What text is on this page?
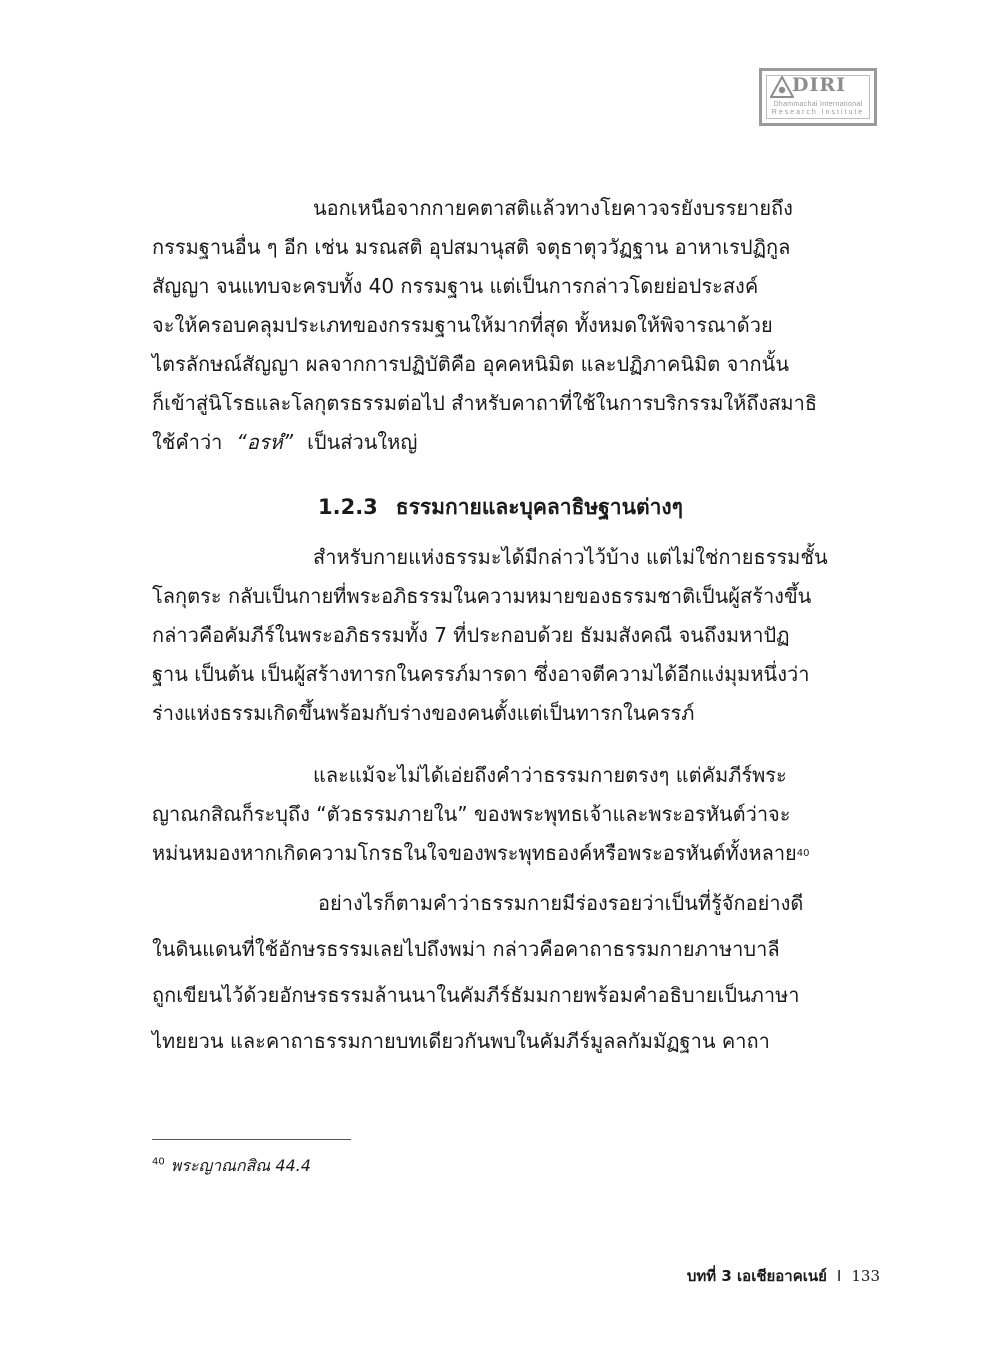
DIRI
Dhammachai International
Research Institute
นอกเหนือจากกายคตาสติแล้วทางโยคาวจรยังบรรยายถึง
กรรมฐานอื่น ๆ อีก เช่น มรณสติ อุปสมานุสติ จตุธาตุววัฏฐาน อาหาเรปฏิกูล
สัญญา จนแทบจะครบทั้ง 40 กรรมฐาน แต่เป็นการกล่าวโดยย่อประสงค์
จะให้ครอบคลุมประเภทของกรรมฐานให้มากที่สุด ทั้งหมดให้พิจารณาด้วย
ไตรลักษณ์สัญญา ผลจากการปฏิบัติคือ อุคคหนิมิต และปฏิภาคนิมิต จากนั้น
ก็เข้าสู่นิโรธและโลกุตรธรรมต่อไป สำหรับคาถาที่ใช้ในการบริกรรมให้ถึงสมาธิ
ใช้คำว่า “อรหํ” เป็นส่วนใหญ่
1.2.3 ธรรมกายและบุคลาธิษฐานต่างๆ
สำหรับกายแห่งธรรมะได้มีกล่าวไว้บ้าง แต่ไม่ใช่กายธรรมชั้น
โลกุตระ กลับเป็นกายที่พระอภิธรรมในความหมายของธรรมชาติเป็นผู้สร้างขึ้น
กล่าวคือคัมภีร์ในพระอภิธรรมทั้ง 7 ที่ประกอบด้วย ธัมมสังคณี จนถึงมหาปัฏ
ฐาน เป็นต้น เป็นผู้สร้างทารกในครรภ์มารดา ซึ่งอาจตีความได้อีกแง่มุมหนึ่งว่า
ร่างแห่งธรรมเกิดขึ้นพร้อมกับร่างของคนตั้งแต่เป็นทารกในครรภ์
และแม้จะไม่ได้เอ่ยถึงคำว่าธรรมกายตรงๆ แต่คัมภีร์พระ
ญาณกสิณก็ระบุถึง “ตัวธรรมภายใน” ของพระพุทธเจ้าและพระอรหันต์ว่าจะ
หม่นหมองหากเกิดความโกรธในใจของพระพุทธองค์หรือพระอรหันต์ทั้งหลาย 40
อย่างไรก็ตามคำว่าธรรมกายมีร่องรอยว่าเป็นที่รู้จักอย่างดี
ในดินแดนที่ใช้อักษรธรรมเลยไปถึงพม่า กล่าวคือคาถาธรรมกายภาษาบาลี
ถูกเขียนไว้ด้วยอักษรธรรมล้านนาในคัมภีร์ธัมมกายพร้อมคำอธิบายเป็นภาษา
ไทยยวน และคาถาธรรมกายบทเดียวกันพบในคัมภีร์มูลลกัมมัฏฐาน คาถา
$^{40}$ พระญาณกสิณ 44.4
บทที่ 3 เอเชียอาคเนย์ I 133
